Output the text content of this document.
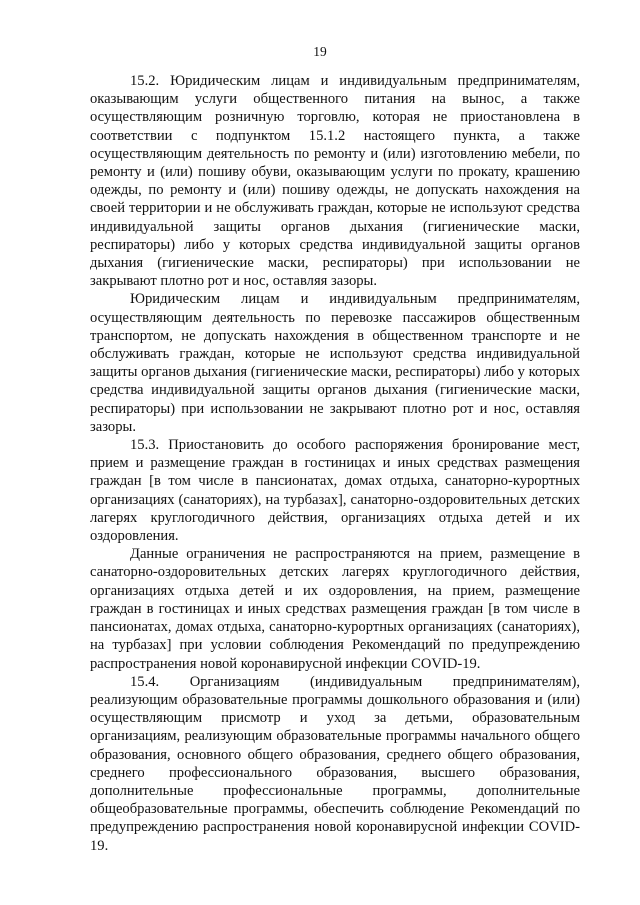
19

15.2. Юридическим лицам и индивидуальным предпринимателям, оказывающим услуги общественного питания на вынос, а также осуществляющим розничную торговлю, которая не приостановлена в соответствии с подпунктом 15.1.2 настоящего пункта, а также осуществляющим деятельность по ремонту и (или) изготовлению мебели, по ремонту и (или) пошиву обуви, оказывающим услуги по прокату, крашению одежды, по ремонту и (или) пошиву одежды, не допускать нахождения на своей территории и не обслуживать граждан, которые не используют средства индивидуальной защиты органов дыхания (гигиенические маски, респираторы) либо у которых средства индивидуальной защиты органов дыхания (гигиенические маски, респираторы) при использовании не закрывают плотно рот и нос, оставляя зазоры.

Юридическим лицам и индивидуальным предпринимателям, осуществляющим деятельность по перевозке пассажиров общественным транспортом, не допускать нахождения в общественном транспорте и не обслуживать граждан, которые не используют средства индивидуальной защиты органов дыхания (гигиенические маски, респираторы) либо у которых средства индивидуальной защиты органов дыхания (гигиенические маски, респираторы) при использовании не закрывают плотно рот и нос, оставляя зазоры.

15.3. Приостановить до особого распоряжения бронирование мест, прием и размещение граждан в гостиницах и иных средствах размещения граждан [в том числе в пансионатах, домах отдыха, санаторно-курортных организациях (санаториях), на турбазах], санаторно-оздоровительных детских лагерях круглогодичного действия, организациях отдыха детей и их оздоровления.

Данные ограничения не распространяются на прием, размещение в санаторно-оздоровительных детских лагерях круглогодичного действия, организациях отдыха детей и их оздоровления, на прием, размещение граждан в гостиницах и иных средствах размещения граждан [в том числе в пансионатах, домах отдыха, санаторно-курортных организациях (санаториях), на турбазах] при условии соблюдения Рекомендаций по предупреждению распространения новой коронавирусной инфекции COVID-19.

15.4. Организациям (индивидуальным предпринимателям), реализующим образовательные программы дошкольного образования и (или) осуществляющим присмотр и уход за детьми, образовательным организациям, реализующим образовательные программы начального общего образования, основного общего образования, среднего общего образования, среднего профессионального образования, высшего образования, дополнительные профессиональные программы, дополнительные общеобразовательные программы, обеспечить соблюдение Рекомендаций по предупреждению распространения новой коронавирусной инфекции COVID-19.
